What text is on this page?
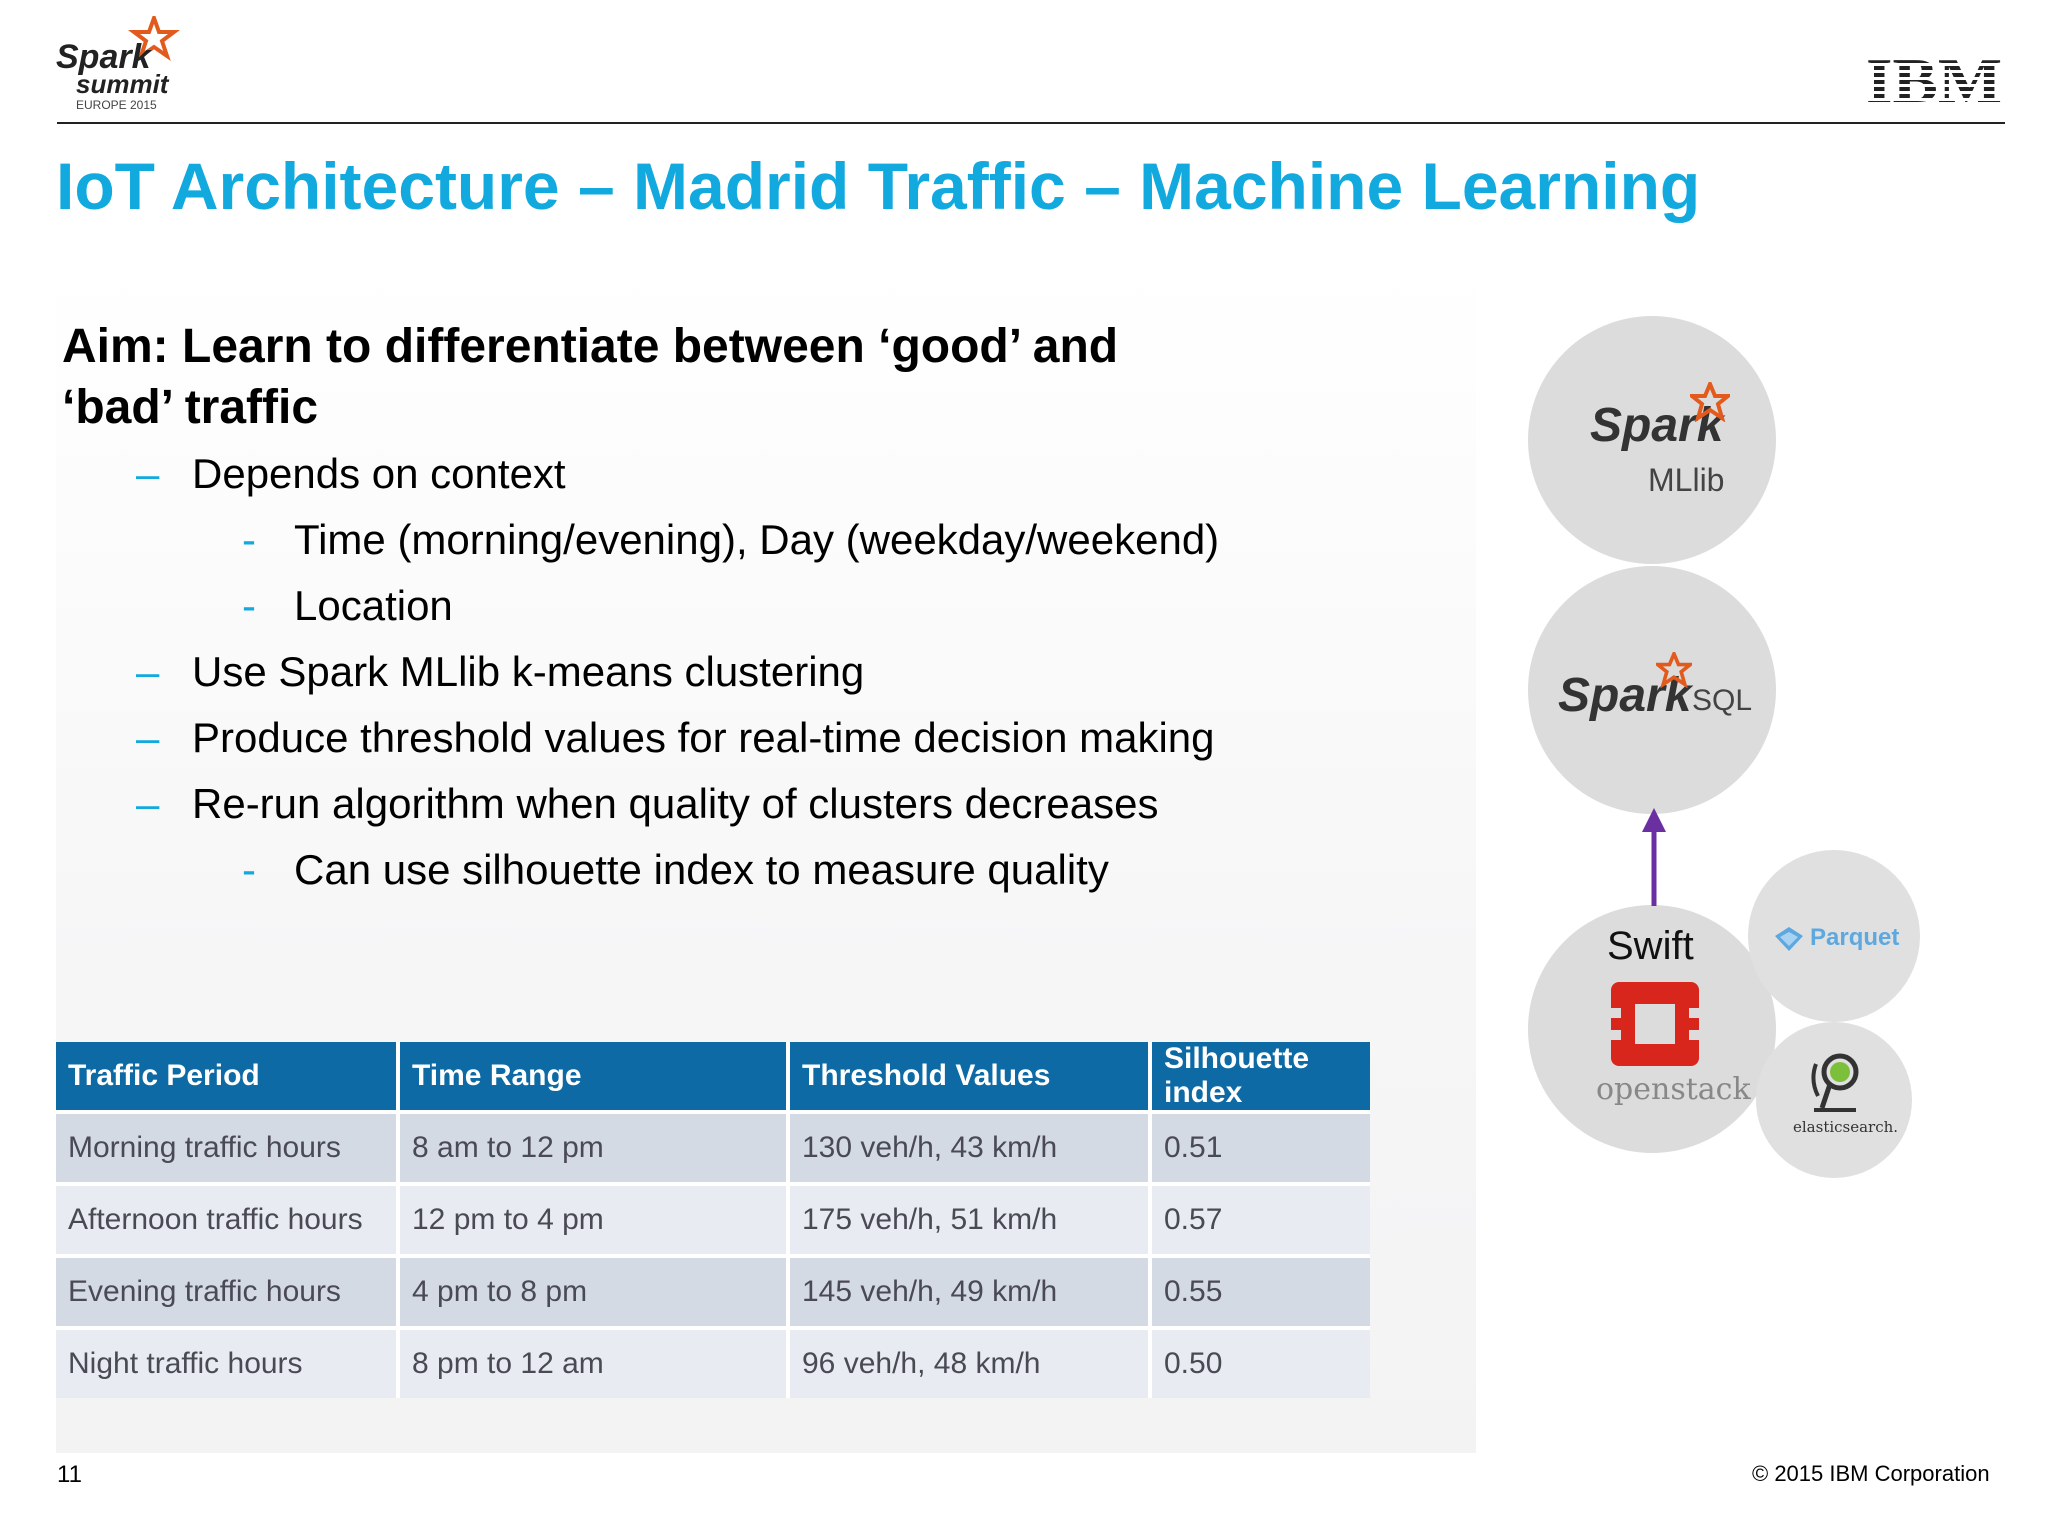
Spark
summit
EUROPE 2015	IBM
IoT Architecture – Madrid Traffic – Machine Learning
Aim: Learn to differentiate between ‘good’ and
‘bad’ traffic
– Depends on context
- Time (morning/evening), Day (weekday/weekend)
- Location
– Use Spark MLlib k-means clustering
– Produce threshold values for real-time decision making
– Re-run algorithm when quality of clusters decreases
- Can use silhouette index to measure quality
Traffic Period	Time Range	Threshold Values	Silhouette index
Morning traffic hours	8 am to 12 pm	130 veh/h, 43 km/h	0.51
Afternoon traffic hours	12 pm to 4 pm	175 veh/h, 51 km/h	0.57
Evening traffic hours	4 pm to 8 pm	145 veh/h, 49 km/h	0.55
Night traffic hours	8 pm to 12 am	96 veh/h, 48 km/h	0.50
Spark
MLlib
Spark SQL
Swift
openstack
Parquet
elasticsearch.
11	© 2015 IBM Corporation
